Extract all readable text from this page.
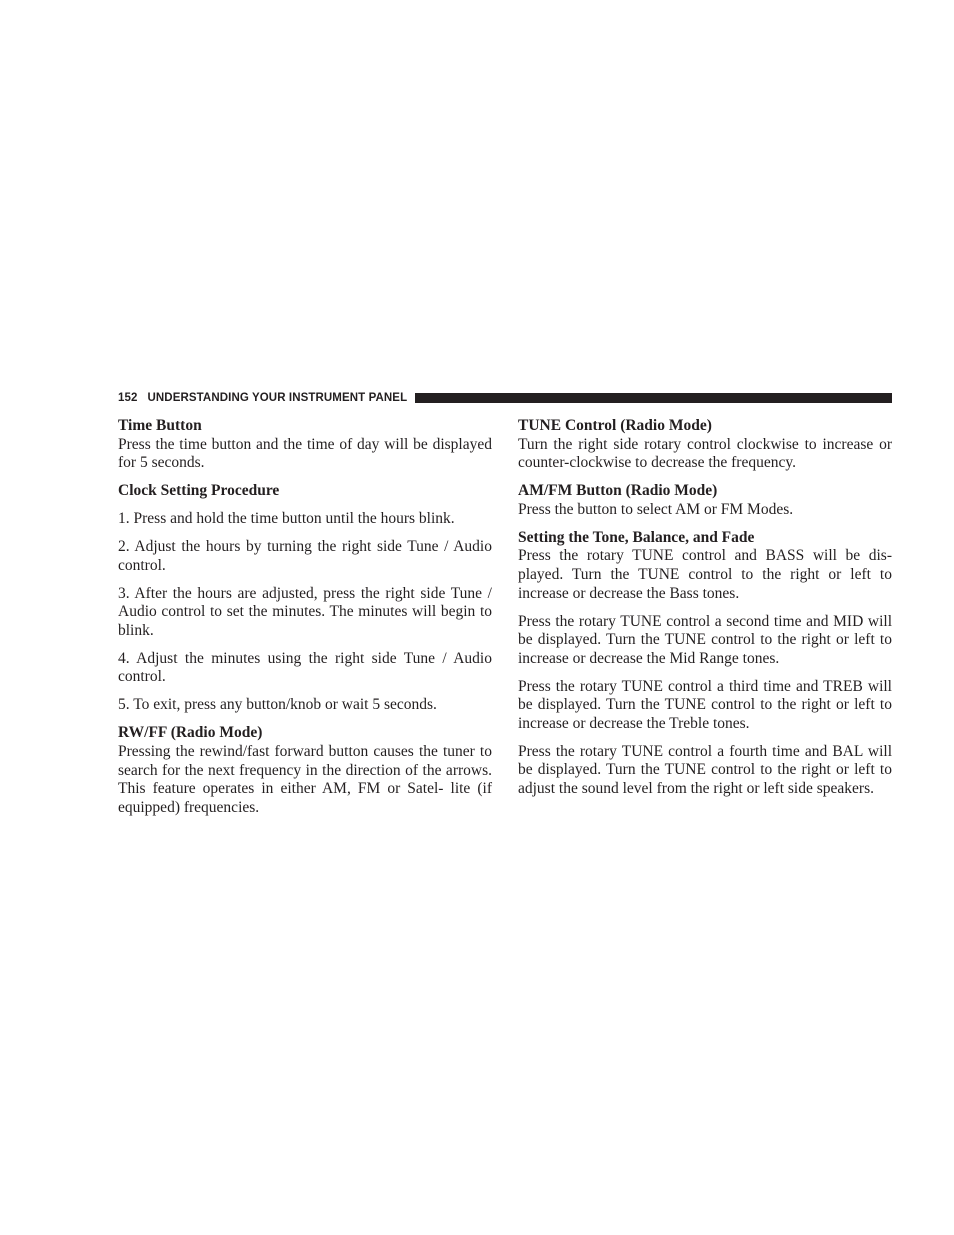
152 UNDERSTANDING YOUR INSTRUMENT PANEL
Time Button

Press the time button and the time of day will be displayed for 5 seconds.

Clock Setting Procedure

1. Press and hold the time button until the hours blink.

2. Adjust the hours by turning the right side Tune / Audio control.

3. After the hours are adjusted, press the right side Tune / Audio control to set the minutes. The minutes will begin to blink.

4. Adjust the minutes using the right side Tune / Audio control.

5. To exit, press any button/knob or wait 5 seconds.

RW/FF (Radio Mode)

Pressing the rewind/fast forward button causes the tuner to search for the next frequency in the direction of the arrows. This feature operates in either AM, FM or Satel- lite (if equipped) frequencies.

TUNE Control (Radio Mode)

Turn the right side rotary control clockwise to increase or counter-clockwise to decrease the frequency.

AM/FM Button (Radio Mode)

Press the button to select AM or FM Modes.

Setting the Tone, Balance, and Fade

Press the rotary TUNE control and BASS will be dis- played. Turn the TUNE control to the right or left to increase or decrease the Bass tones.

Press the rotary TUNE control a second time and MID will be displayed. Turn the TUNE control to the right or left to increase or decrease the Mid Range tones.

Press the rotary TUNE control a third time and TREB will be displayed. Turn the TUNE control to the right or left to increase or decrease the Treble tones.

Press the rotary TUNE control a fourth time and BAL will be displayed. Turn the TUNE control to the right or left to adjust the sound level from the right or left side speakers.
